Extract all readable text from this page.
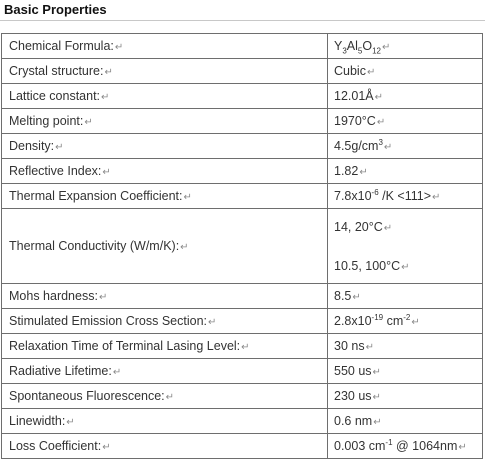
Basic Properties
Chemical Formula:↵	$Y_3Al_5O_{12}↵$
Crystal structure:↵	Cubic↵
Lattice constant:↵	12.01Å↵
Melting point:↵	1970°C↵
Density:↵	$4.5g/cm^3↵$
Reflective Index:↵	1.82↵
Thermal Expansion Coefficient:↵	$7.8x10^{-6}$ /K <111>↵
Thermal Conductivity (W/m/K):↵	14, 20°C↵
10.5, 100°C↵

Mohs hardness:↵	8.5↵
Stimulated Emission Cross Section:↵	$2.8x10^{-19}$ $cm^{-2}↵$
Relaxation Time of Terminal Lasing Level:↵	30 ns↵
Radiative Lifetime:↵	550 us↵
Spontaneous Fluorescence:↵	230 us↵
Linewidth:↵	0.6 nm↵
Loss Coefficient:↵	0.003 $cm^{-1}$ @ 1064nm↵
